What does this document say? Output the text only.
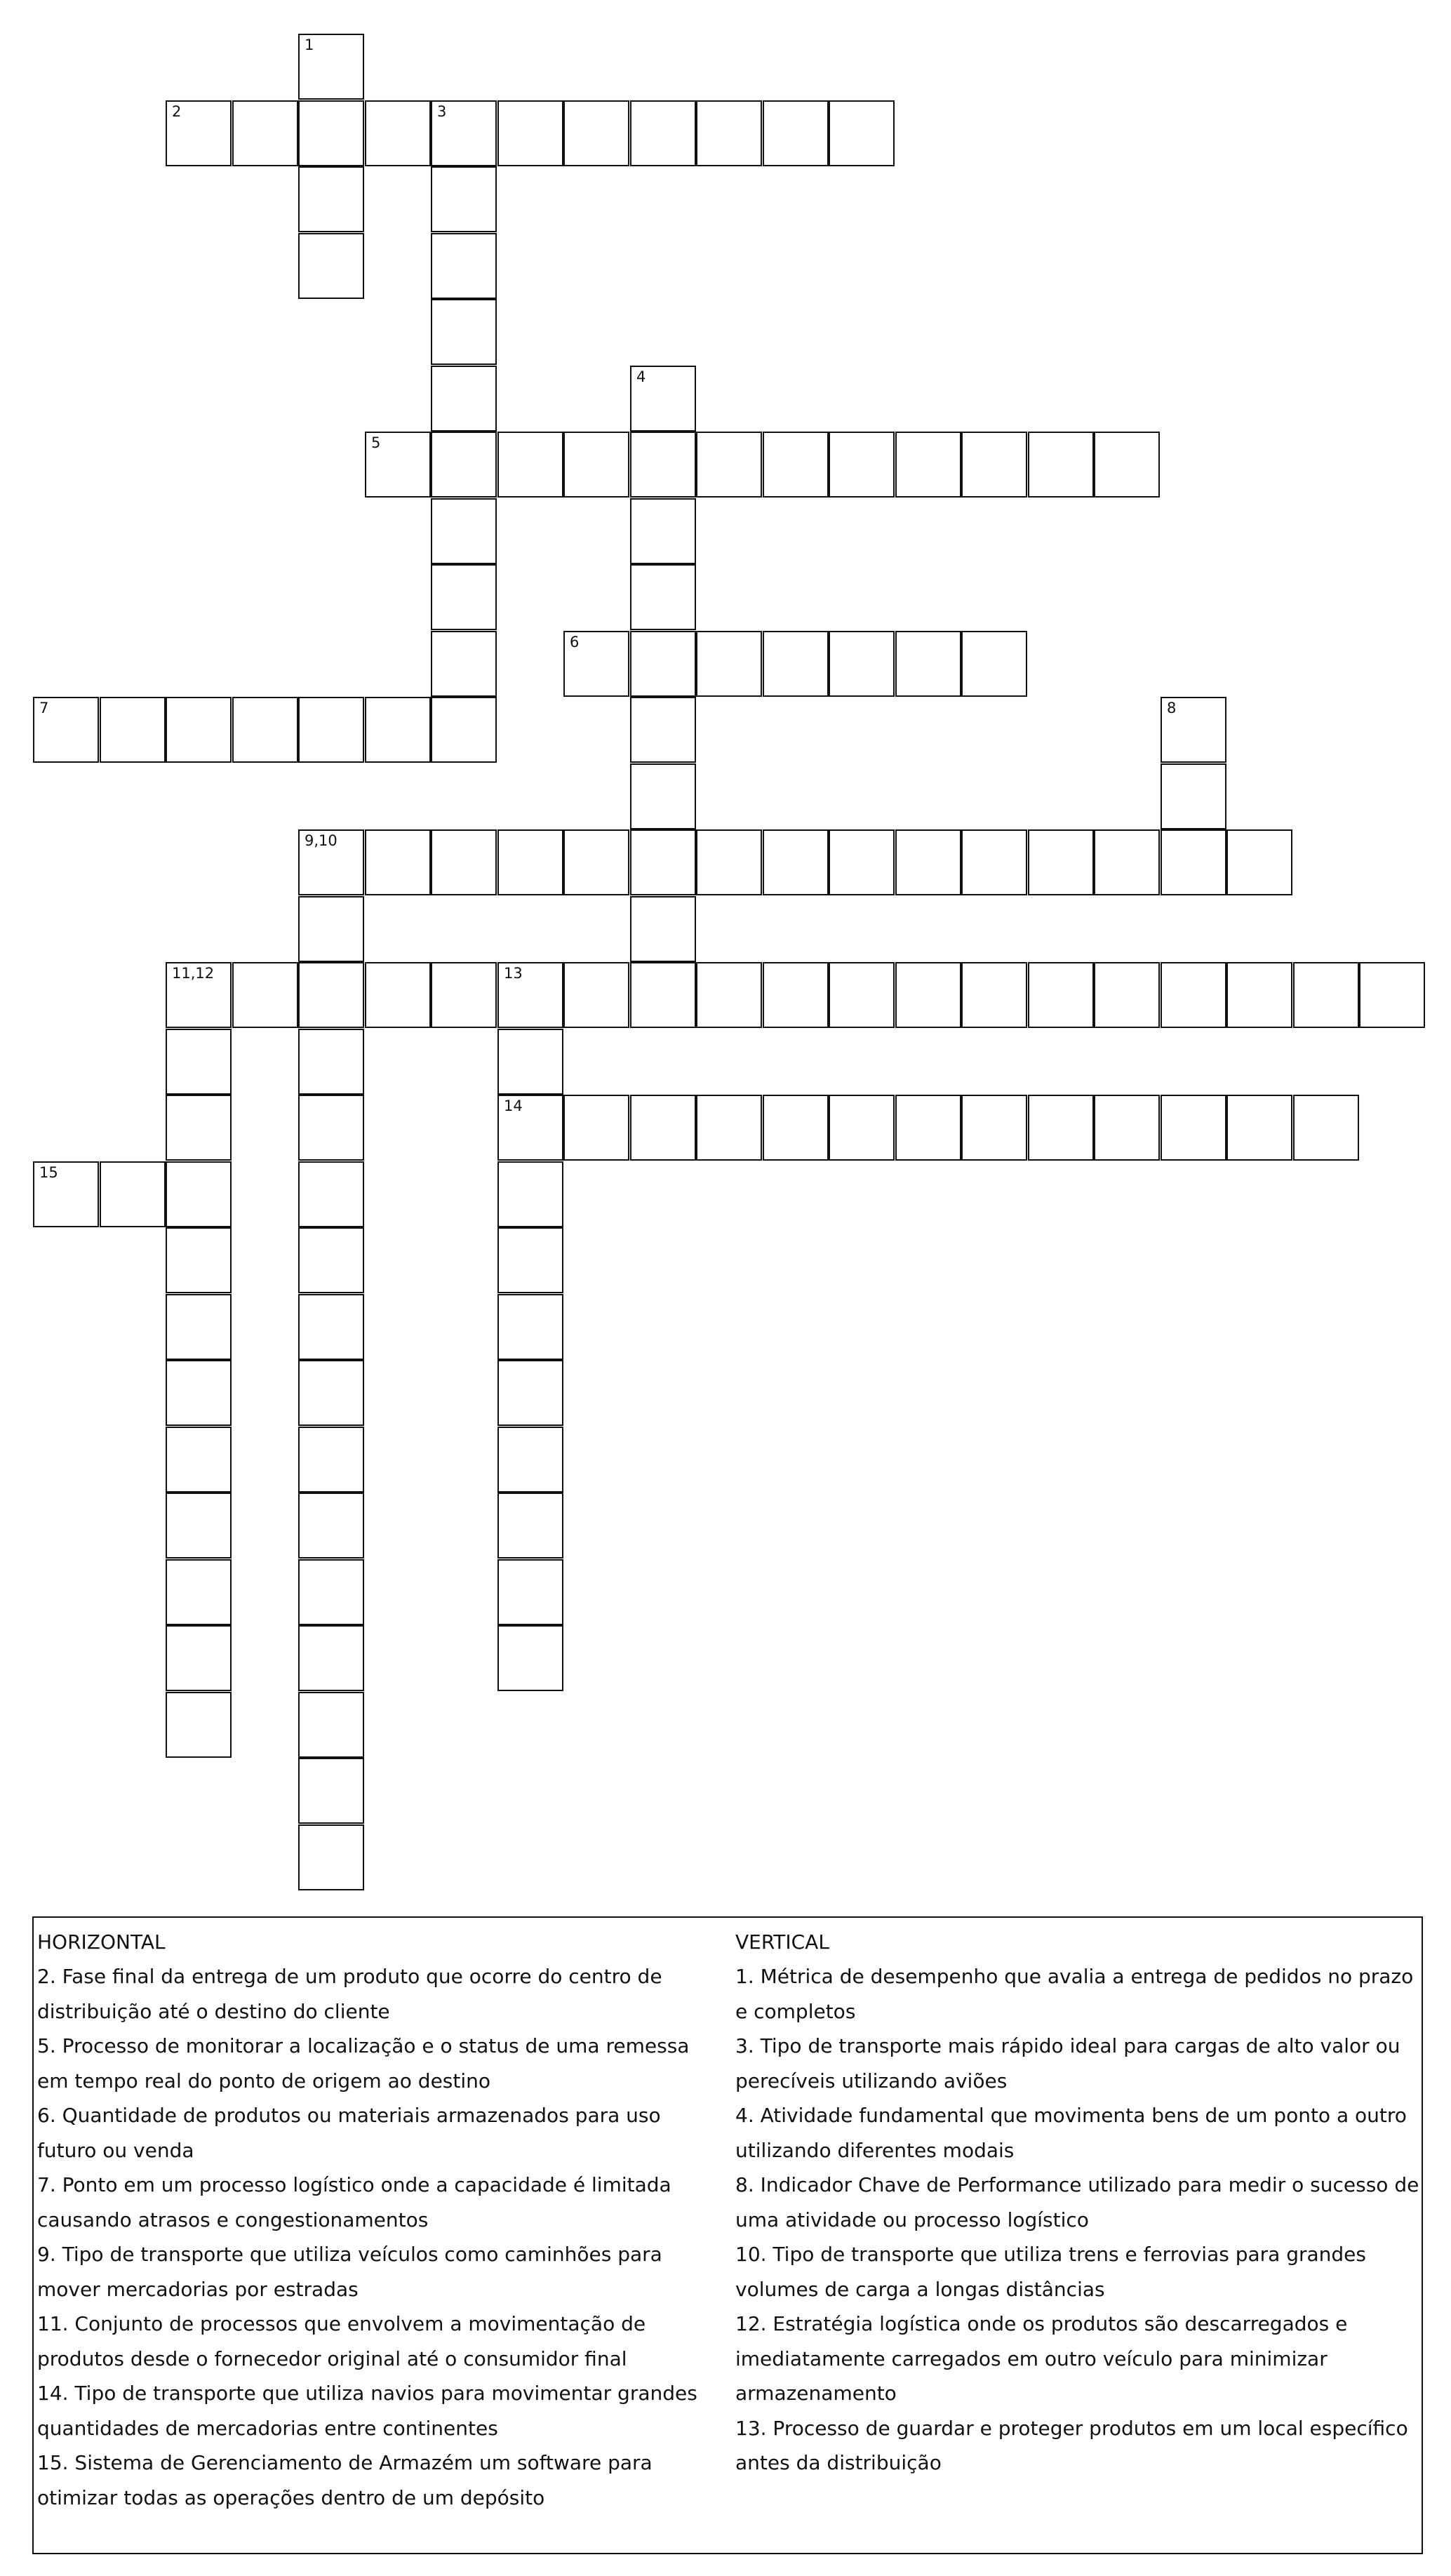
2	3
5
6
7
9,10
11,12	13
14
15
1
4
8
HORIZONTAL
2. Fase final da entrega de um produto que ocorre do centro de distribuição até o destino do cliente
5. Processo de monitorar a localização e o status de uma remessa em tempo real do ponto de origem ao destino
6. Quantidade de produtos ou materiais armazenados para uso futuro ou venda
7. Ponto em um processo logístico onde a capacidade é limitada causando atrasos e congestionamentos
9. Tipo de transporte que utiliza veículos como caminhões para mover mercadorias por estradas
11. Conjunto de processos que envolvem a movimentação de produtos desde o fornecedor original até o consumidor final
14. Tipo de transporte que utiliza navios para movimentar grandes quantidades de mercadorias entre continentes
15. Sistema de Gerenciamento de Armazém um software para otimizar todas as operações dentro de um depósito
VERTICAL
1. Métrica de desempenho que avalia a entrega de pedidos no prazo e completos
3. Tipo de transporte mais rápido ideal para cargas de alto valor ou perecíveis utilizando aviões
4. Atividade fundamental que movimenta bens de um ponto a outro utilizando diferentes modais
8. Indicador Chave de Performance utilizado para medir o sucesso de uma atividade ou processo logístico
10. Tipo de transporte que utiliza trens e ferrovias para grandes volumes de carga a longas distâncias
12. Estratégia logística onde os produtos são descarregados e imediatamente carregados em outro veículo para minimizar armazenamento
13. Processo de guardar e proteger produtos em um local específico antes da distribuição
